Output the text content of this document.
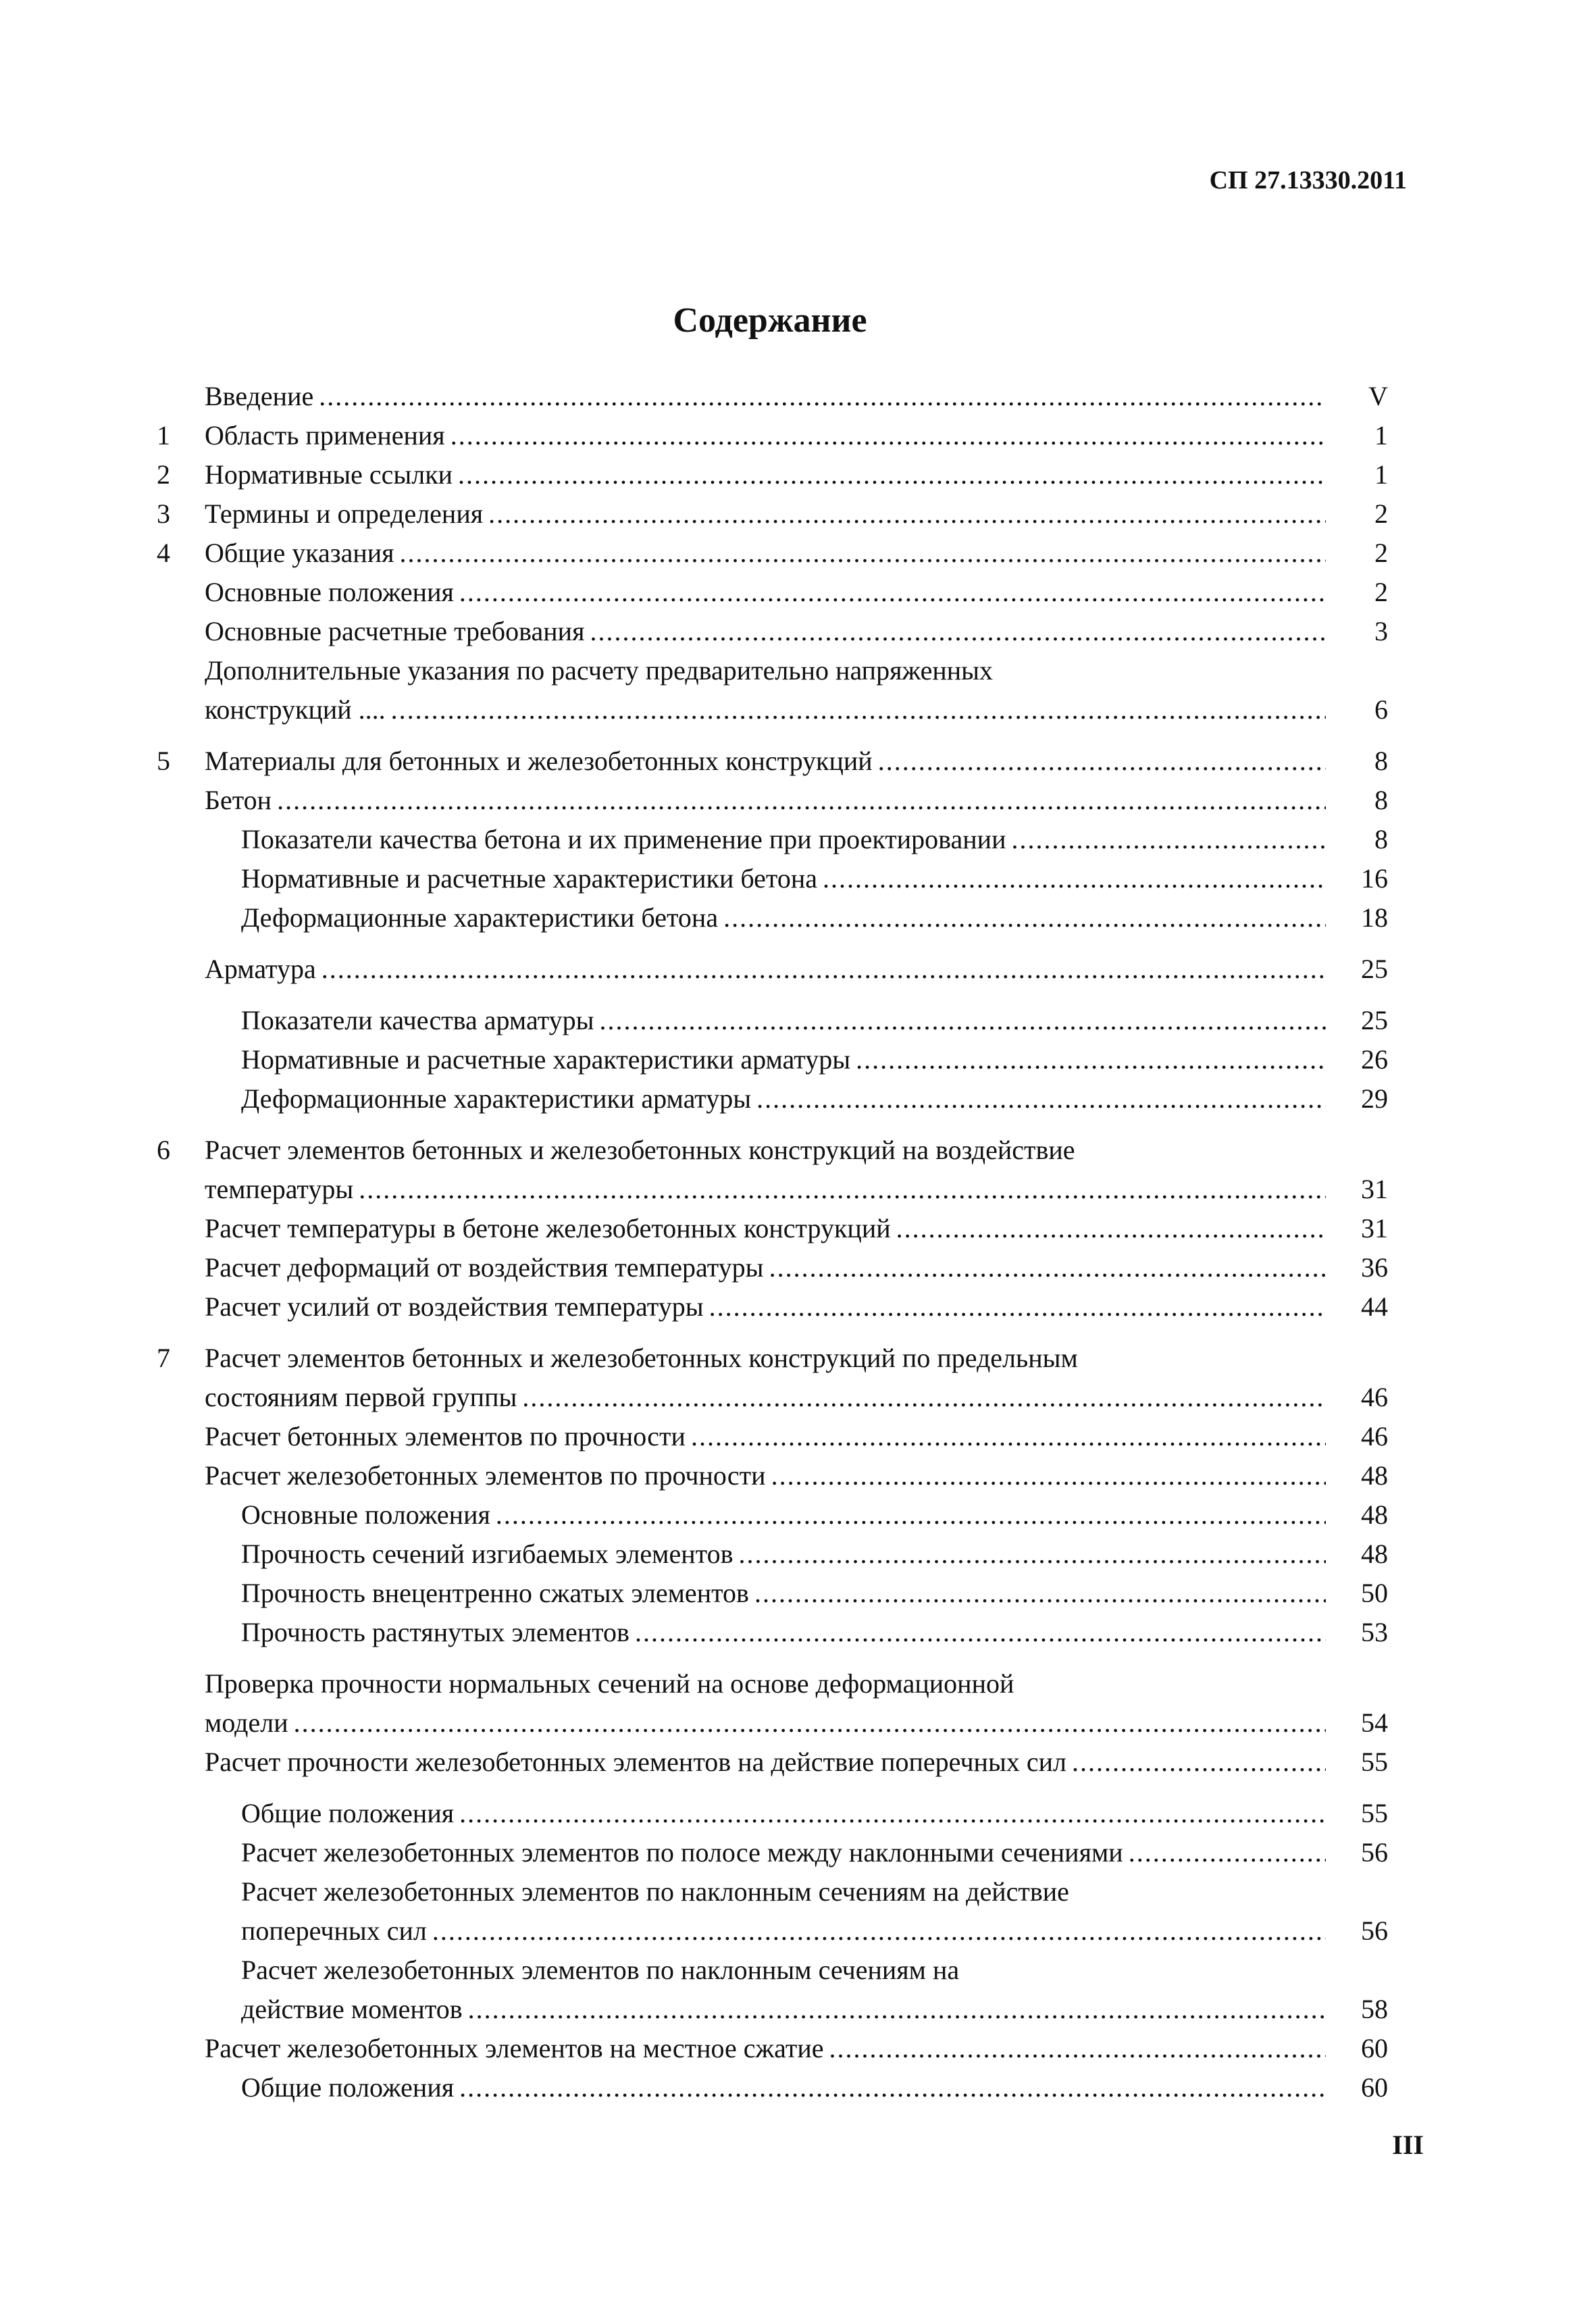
СП 27.13330.2011
Содержание
Введение .....	V
1 Область применения .....	1
2 Нормативные ссылки .....	1
3 Термины и определения .....	2
4 Общие указания .....	2
Основные положения .....	2
Основные расчетные требования .....	3
Дополнительные указания по расчету предварительно напряженных
конструкций .... .....	6
5 Материалы для бетонных и железобетонных конструкций .....	8
Бетон .....	8
Показатели качества бетона и их применение при проектировании .....	8
Нормативные и расчетные характеристики бетона .....	16
Деформационные характеристики бетона .....	18
Арматура .....	25
Показатели качества арматуры .....	25
Нормативные и расчетные характеристики арматуры .....	26
Деформационные характеристики арматуры .....	29
6 Расчет элементов бетонных и железобетонных конструкций на воздействие
температуры .....	31
Расчет температуры в бетоне железобетонных конструкций .....	31
Расчет деформаций от воздействия температуры .....	36
Расчет усилий от воздействия температуры .....	44
7 Расчет элементов бетонных и железобетонных конструкций по предельным
состояниям первой группы .....	46
Расчет бетонных элементов по прочности .....	46
Расчет железобетонных элементов по прочности .....	48
Основные положения .....	48
Прочность сечений изгибаемых элементов .....	48
Прочность внецентренно сжатых элементов .....	50
Прочность растянутых элементов .....	53
Проверка прочности нормальных сечений на основе деформационной
модели .....	54
Расчет прочности железобетонных элементов на действие поперечных сил .....	55
Общие положения .....	55
Расчет железобетонных элементов по полосе между наклонными сечениями .....	56
Расчет железобетонных элементов по наклонным сечениям на действие
поперечных сил .....	56
Расчет железобетонных элементов по наклонным сечениям на
действие моментов .....	58
Расчет железобетонных элементов на местное сжатие .....	60
Общие положения .....	60
III
